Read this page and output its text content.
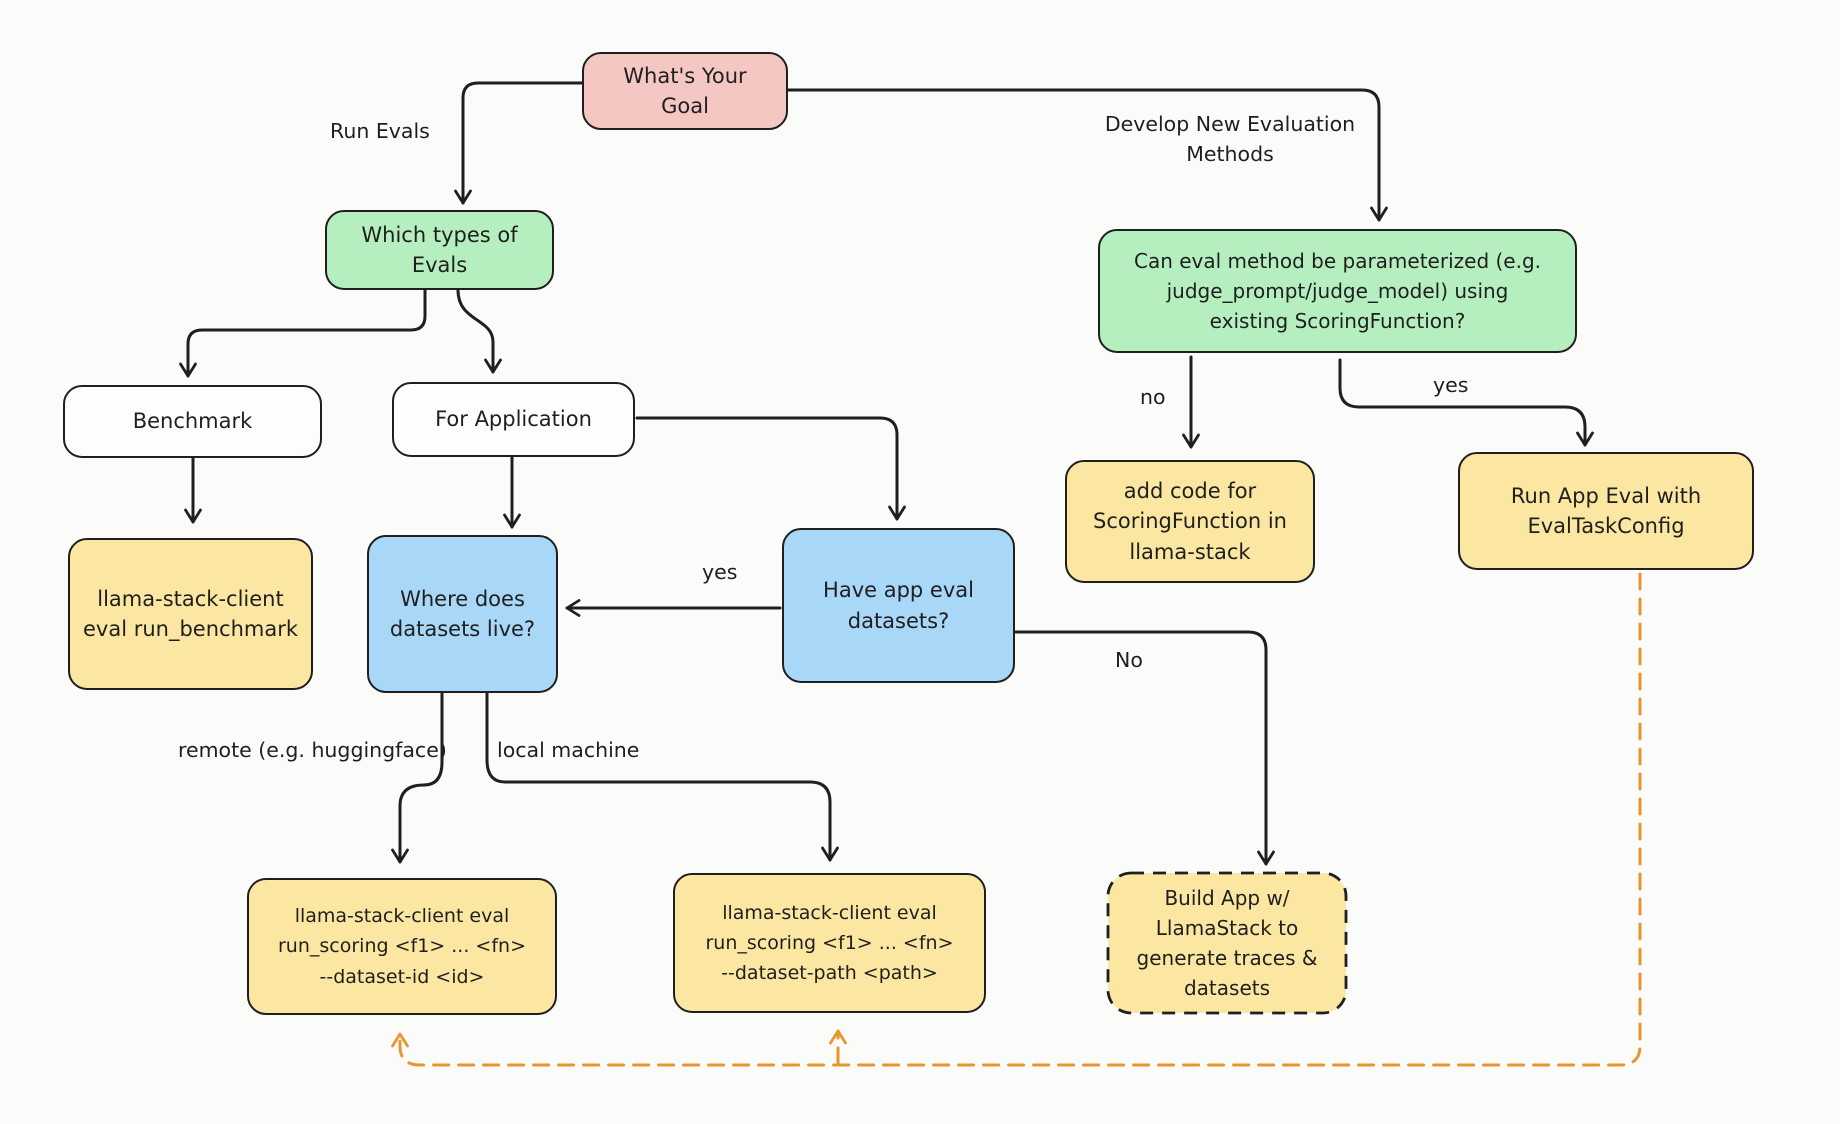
What's Your
Goal
Which types of
Evals
Benchmark	For Application
llama-stack-client
eval run_benchmark
Where does
datasets live?
Have app eval
datasets?
Can eval method be parameterized (e.g.
judge_prompt/judge_model) using
existing ScoringFunction?
add code for
ScoringFunction in
llama-stack
Run App Eval with
EvalTaskConfig
llama-stack-client eval
run_scoring <f1> ... <fn>
--dataset-id <id>
llama-stack-client eval
run_scoring <f1> ... <fn>
--dataset-path <path>
Build App w/
LlamaStack to
generate traces &
datasets
Run Evals	Develop New Evaluation
Methods
yes
No
remote (e.g. huggingface) local machine
no	yes
